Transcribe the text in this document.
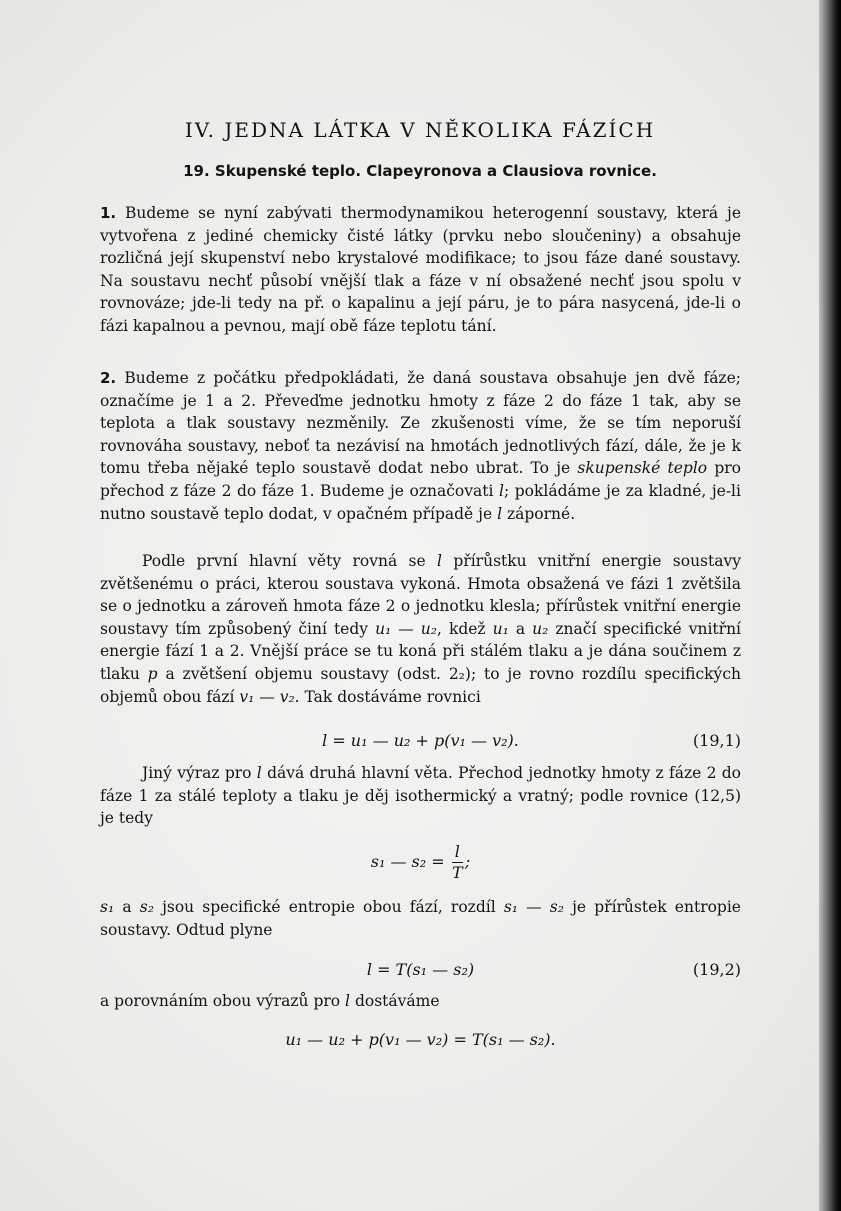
IV. JEDNA LÁTKA V NĚKOLIKA FÁZÍCH
19. Skupenské teplo. Clapeyronova a Clausiova rovnice.

1. Budeme se nyní zabývati thermodynamikou heterogenní soustavy, která je vytvořena z jediné chemicky čisté látky (prvku nebo sloučeniny) a obsahuje rozličná její skupenství nebo krystalové modifikace; to jsou fáze dané soustavy. Na soustavu nechť působí vnější tlak a fáze v ní obsažené nechť jsou spolu v rovnováze; jde-li tedy na př. o kapalinu a její páru, je to pára nasycená, jde-li o fázi kapalnou a pevnou, mají obě fáze teplotu tání.

2. Budeme z počátku předpokládati, že daná soustava obsahuje jen dvě fáze; označíme je 1 a 2. Převeďme jednotku hmoty z fáze 2 do fáze 1 tak, aby se teplota a tlak soustavy nezměnily. Ze zkušenosti víme, že se tím neporuší rovnováha soustavy, neboť ta nezávisí na hmotách jednotlivých fází, dále, že je k tomu třeba nějaké teplo soustavě dodat nebo ubrat. To je skupenské teplo pro přechod z fáze 2 do fáze 1. Budeme je označovati l; pokládáme je za kladné, je-li nutno soustavě teplo dodat, v opačném případě je l záporné.

Podle první hlavní věty rovná se l přírůstku vnitřní energie soustavy zvětšenému o práci, kterou soustava vykoná. Hmota obsažená ve fázi 1 zvětšila se o jednotku a zároveň hmota fáze 2 o jednotku klesla; přírůstek vnitřní energie soustavy tím způsobený činí tedy u₁ — u₂, kdež u₁ a u₂ značí specifické vnitřní energie fází 1 a 2. Vnější práce se tu koná při stálém tlaku a je dána součinem z tlaku p a zvětšení objemu soustavy (odst. 2₂); to je rovno rozdílu specifických objemů obou fází v₁ — v₂. Tak dostáváme rovnici

l = u₁ — u₂ + p(v₁ — v₂).	(19,1)

Jiný výraz pro l dává druhá hlavní věta. Přechod jednotky hmoty z fáze 2 do fáze 1 za stálé teploty a tlaku je děj isothermický a vratný; podle rovnice (12,5) je tedy

s₁ — $s_2 = \frac{l}{T}$ ;

s₁ a s₂ jsou specifické entropie obou fází, rozdíl s₁ — s₂ je přírůstek entropie soustavy. Odtud plyne

l = T(s₁ — s₂)	(19,2)

a porovnáním obou výrazů pro l dostáváme

u₁ — u₂ + p(v₁ — v₂) = T(s₁ — s₂).
